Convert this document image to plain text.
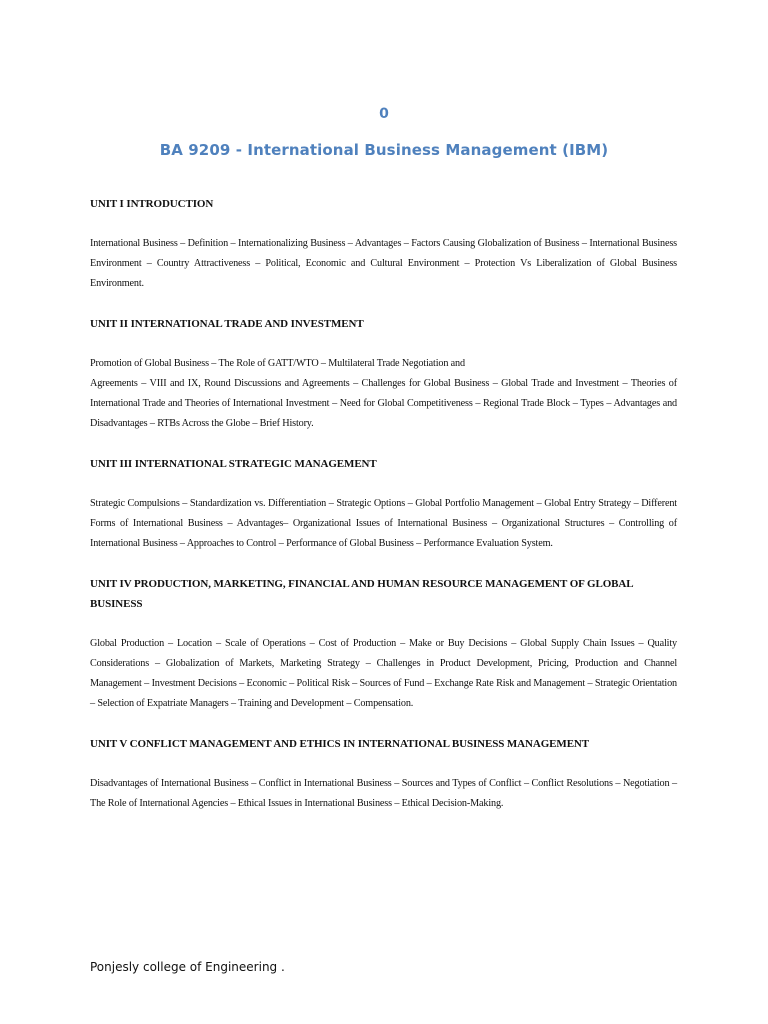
0
BA 9209 - International Business Management (IBM)

UNIT I INTRODUCTION

International Business – Definition – Internationalizing Business – Advantages – Factors Causing Globalization of Business – International Business Environment – Country Attractiveness – Political, Economic and Cultural Environment – Protection Vs Liberalization of Global Business Environment.

UNIT II INTERNATIONAL TRADE AND INVESTMENT

Promotion of Global Business – The Role of GATT/WTO – Multilateral Trade Negotiation and
Agreements – VIII and IX, Round Discussions and Agreements – Challenges for Global Business – Global Trade and Investment – Theories of International Trade and Theories of International Investment – Need for Global Competitiveness – Regional Trade Block – Types – Advantages and Disadvantages – RTBs Across the Globe – Brief History.

UNIT III INTERNATIONAL STRATEGIC MANAGEMENT

Strategic Compulsions – Standardization vs. Differentiation – Strategic Options – Global Portfolio Management – Global Entry Strategy – Different Forms of International Business – Advantages– Organizational Issues of International Business – Organizational Structures – Controlling of International Business – Approaches to Control – Performance of Global Business – Performance Evaluation System.

UNIT IV PRODUCTION, MARKETING, FINANCIAL AND HUMAN RESOURCE MANAGEMENT OF GLOBAL BUSINESS

Global Production – Location – Scale of Operations – Cost of Production – Make or Buy Decisions – Global Supply Chain Issues – Quality Considerations – Globalization of Markets, Marketing Strategy – Challenges in Product Development, Pricing, Production and Channel Management – Investment Decisions – Economic – Political Risk – Sources of Fund – Exchange Rate Risk and Management – Strategic Orientation – Selection of Expatriate Managers – Training and Development – Compensation.

UNIT V CONFLICT MANAGEMENT AND ETHICS IN INTERNATIONAL BUSINESS MANAGEMENT

Disadvantages of International Business – Conflict in International Business – Sources and Types of Conflict – Conflict Resolutions – Negotiation – The Role of International Agencies – Ethical Issues in International Business – Ethical Decision-Making.

Ponjesly college of Engineering .
